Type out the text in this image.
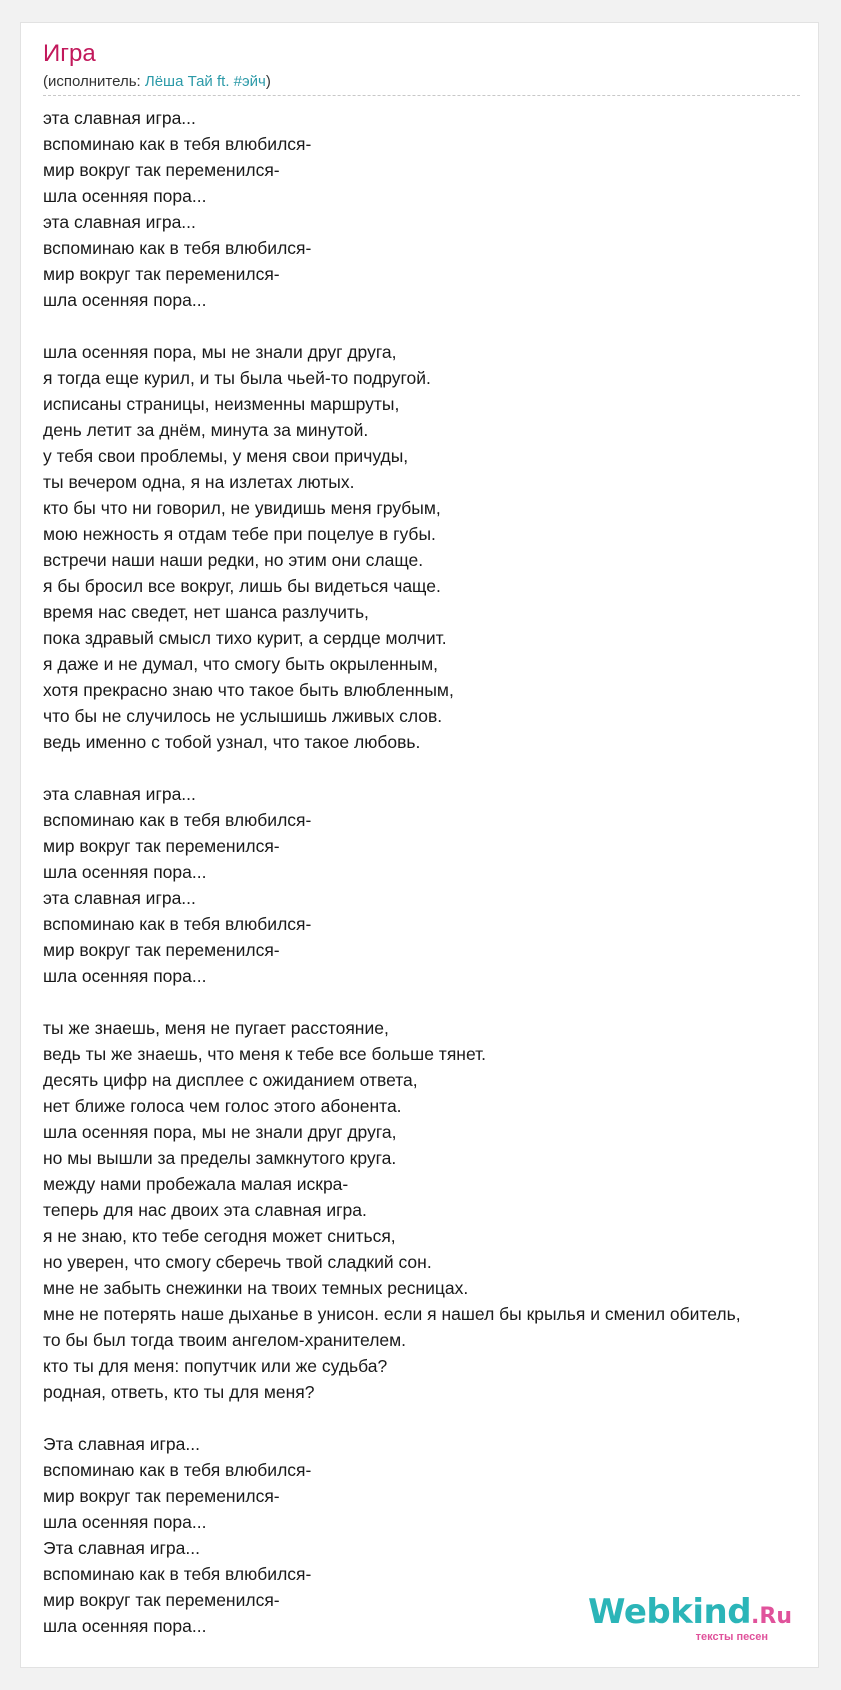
Игра
(исполнитель: Лёша Тай ft. #эйч)
эта славная игра...
вспоминаю как в тебя влюбился-
мир вокруг так переменился-
шла осенняя пора...
эта славная игра...
вспоминаю как в тебя влюбился-
мир вокруг так переменился-
шла осенняя пора...
шла осенняя пора, мы не знали друг друга,
я тогда еще курил, и ты была чьей-то подругой.
исписаны страницы, неизменны маршруты,
день летит за днём, минута за минутой.
у тебя свои проблемы, у меня свои причуды,
ты вечером одна, я на излетах лютых.
кто бы что ни говорил, не увидишь меня грубым,
мою нежность я отдам тебе при поцелуе в губы.
встречи наши наши редки, но этим они слаще.
я бы бросил все вокруг, лишь бы видеться чаще.
время нас сведет, нет шанса разлучить,
пока здравый смысл тихо курит, а сердце молчит.
я даже и не думал, что смогу быть окрыленным,
хотя прекрасно знаю что такое быть влюбленным,
что бы не случилось не услышишь лживых слов.
ведь именно с тобой узнал, что такое любовь.
эта славная игра...
вспоминаю как в тебя влюбился-
мир вокруг так переменился-
шла осенняя пора...
эта славная игра...
вспоминаю как в тебя влюбился-
мир вокруг так переменился-
шла осенняя пора...
ты же знаешь, меня не пугает расстояние,
ведь ты же знаешь, что меня к тебе все больше тянет.
десять цифр на дисплее с ожиданием ответа,
нет ближе голоса чем голос этого абонента.
шла осенняя пора, мы не знали друг друга,
но мы вышли за пределы замкнутого круга.
между нами пробежала малая искра-
теперь для нас двоих эта славная игра.
я не знаю, кто тебе сегодня может сниться,
но уверен, что смогу сберечь твой сладкий сон.
мне не забыть снежинки на твоих темных ресницах.
мне не потерять наше дыханье в унисон. если я нашел бы крылья и сменил обитель,
то бы был тогда твоим ангелом-хранителем.
кто ты для меня: попутчик или же судьба?
родная, ответь, кто ты для меня?
Эта славная игра...
вспоминаю как в тебя влюбился-
мир вокруг так переменился-
шла осенняя пора...
Эта славная игра...
вспоминаю как в тебя влюбился-
мир вокруг так переменился-
шла осенняя пора...	Webkind.Ru
тексты песен
